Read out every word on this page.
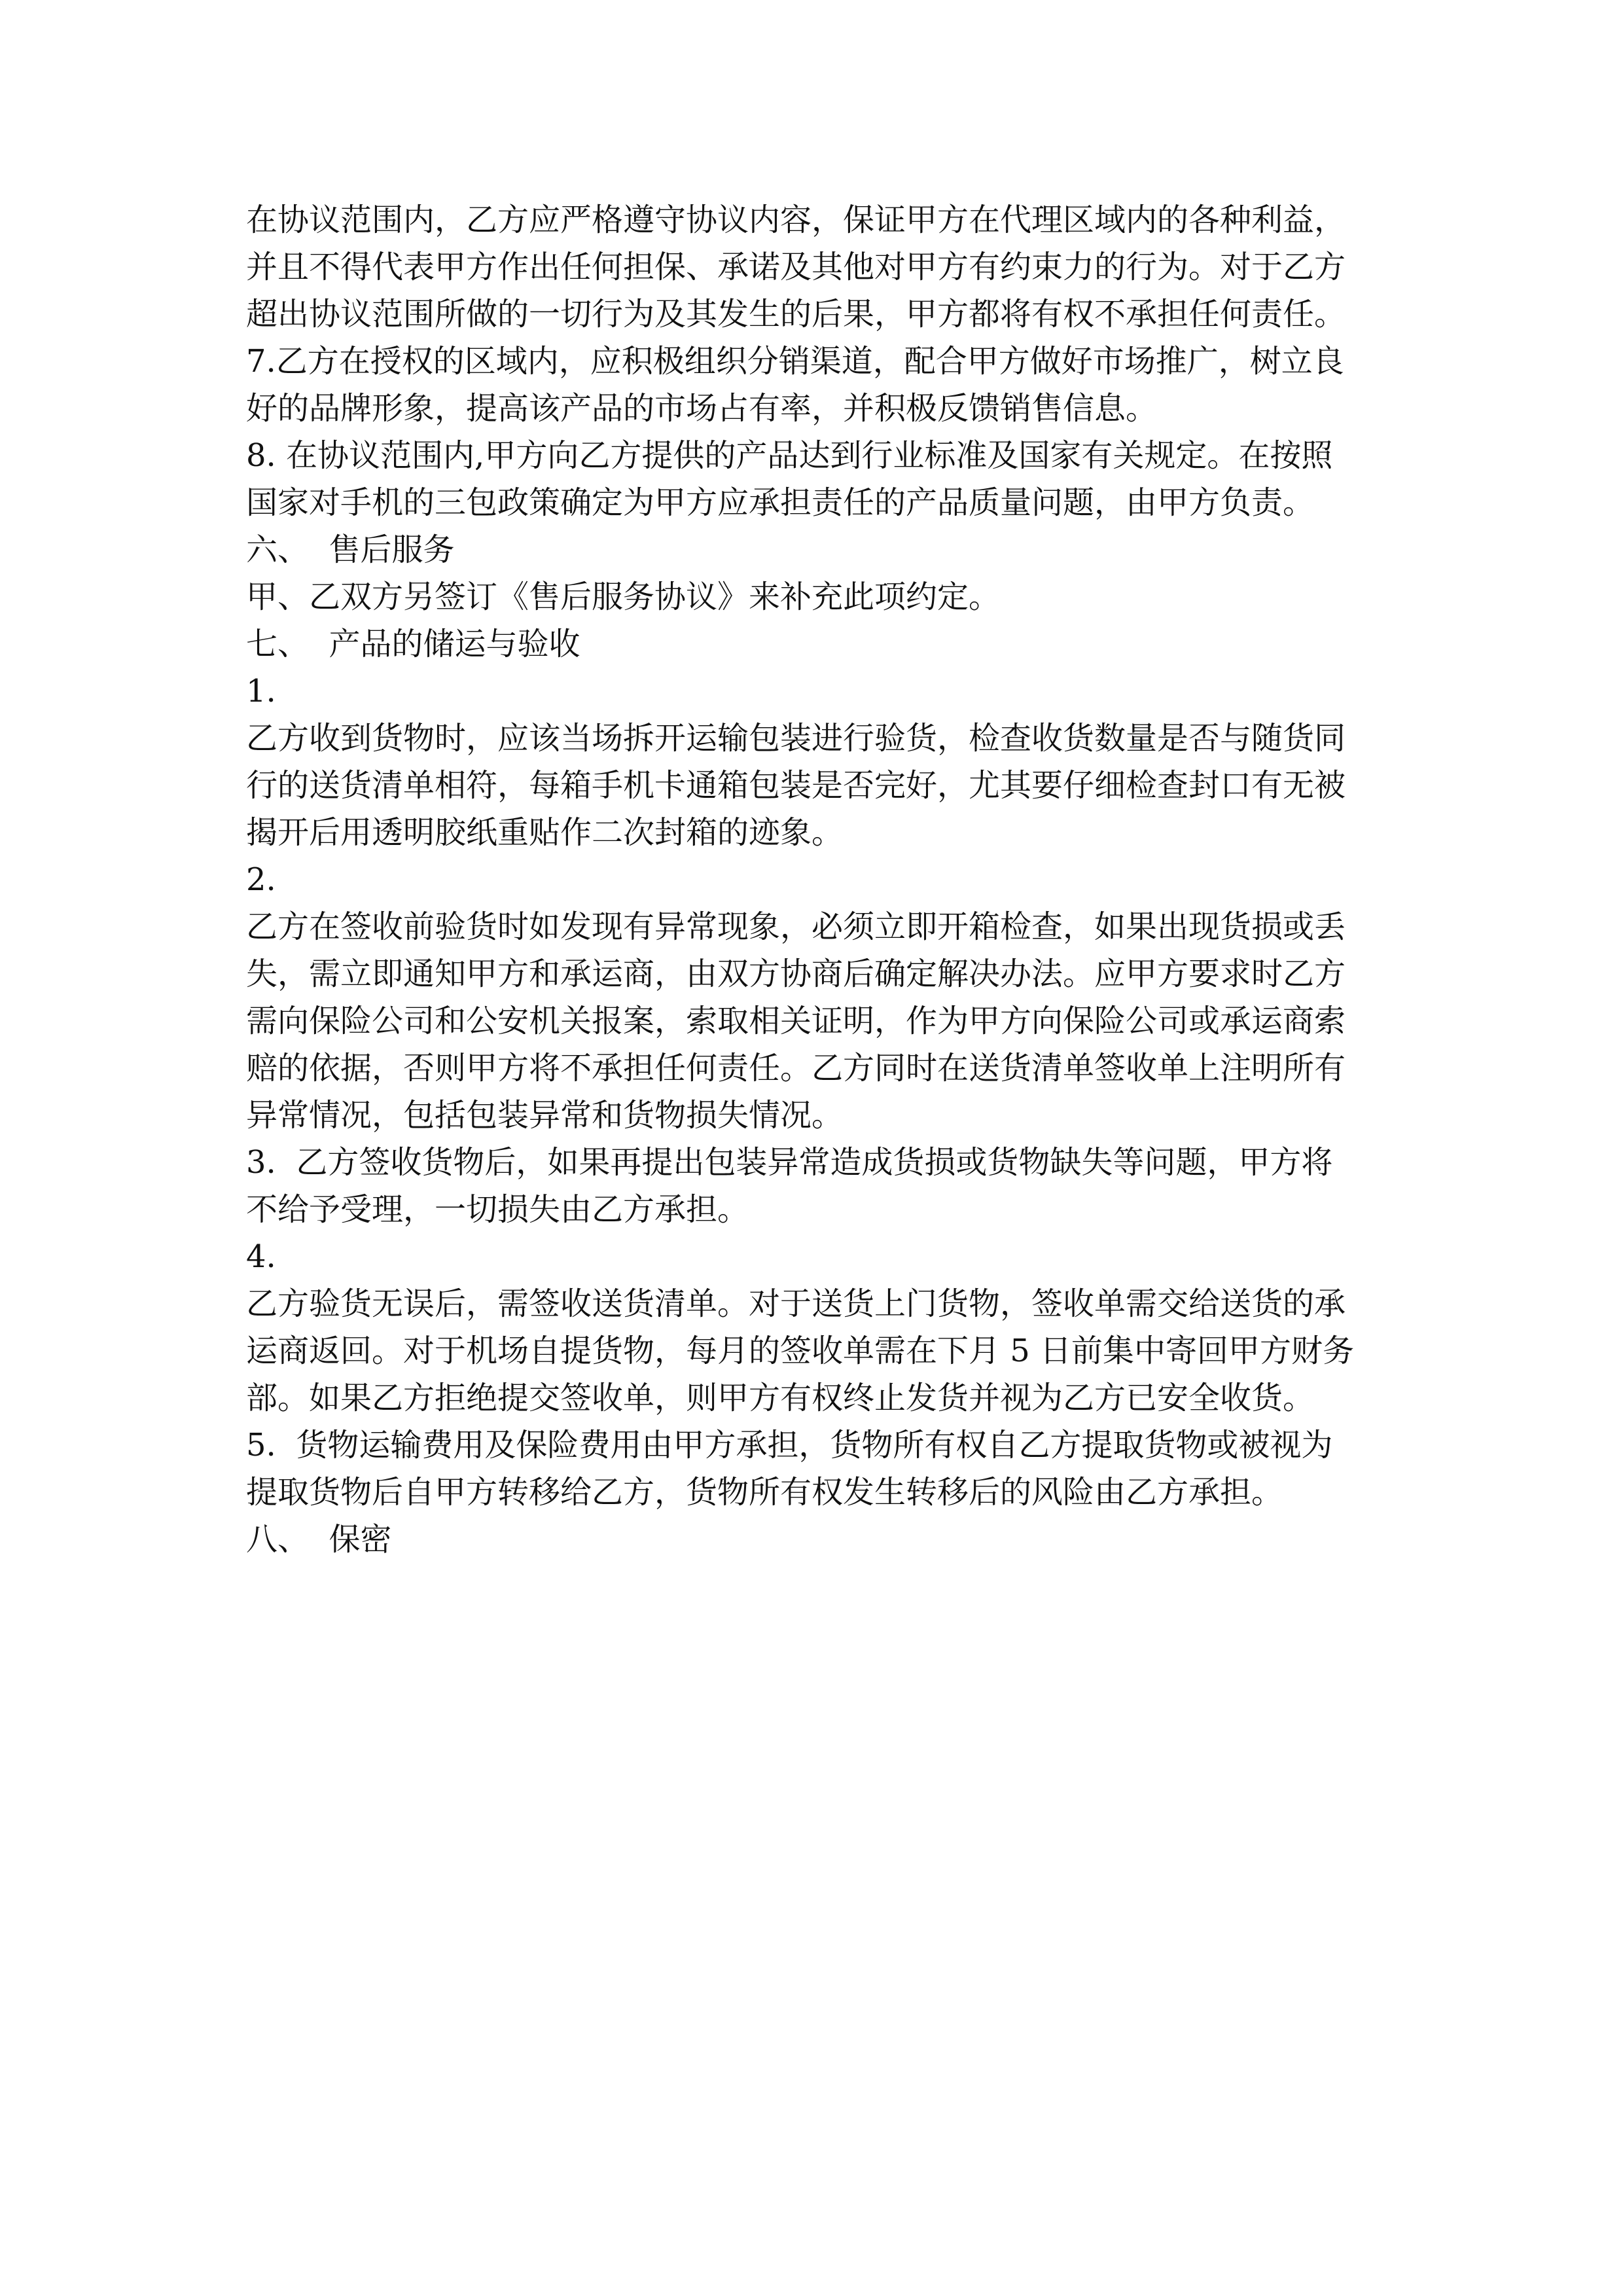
在协议范围内，乙方应严格遵守协议内容，保证甲方在代理区域内的各种利益，
并且不得代表甲方作出任何担保、承诺及其他对甲方有约束力的行为。对于乙方
超出协议范围所做的一切行为及其发生的后果，甲方都将有权不承担任何责任。
7.乙方在授权的区域内，应积极组织分销渠道，配合甲方做好市场推广，树立良
好的品牌形象，提高该产品的市场占有率，并积极反馈销售信息。
8. 在协议范围内,甲方向乙方提供的产品达到行业标准及国家有关规定。在按照
国家对手机的三包政策确定为甲方应承担责任的产品质量问题，由甲方负责。
六、  售后服务
甲、乙双方另签订《售后服务协议》来补充此项约定。
七、  产品的储运与验收
1.
乙方收到货物时，应该当场拆开运输包装进行验货，检查收货数量是否与随货同
行的送货清单相符，每箱手机卡通箱包装是否完好，尤其要仔细检查封口有无被
揭开后用透明胶纸重贴作二次封箱的迹象。
2.
乙方在签收前验货时如发现有异常现象，必须立即开箱检查，如果出现货损或丢
失，需立即通知甲方和承运商，由双方协商后确定解决办法。应甲方要求时乙方
需向保险公司和公安机关报案，索取相关证明，作为甲方向保险公司或承运商索
赔的依据，否则甲方将不承担任何责任。乙方同时在送货清单签收单上注明所有
异常情况，包括包装异常和货物损失情况。
3.  乙方签收货物后，如果再提出包装异常造成货损或货物缺失等问题，甲方将
不给予受理，一切损失由乙方承担。
4.
乙方验货无误后，需签收送货清单。对于送货上门货物，签收单需交给送货的承
运商返回。对于机场自提货物，每月的签收单需在下月 5 日前集中寄回甲方财务
部。如果乙方拒绝提交签收单，则甲方有权终止发货并视为乙方已安全收货。
5.  货物运输费用及保险费用由甲方承担，货物所有权自乙方提取货物或被视为
提取货物后自甲方转移给乙方，货物所有权发生转移后的风险由乙方承担。
八、  保密
